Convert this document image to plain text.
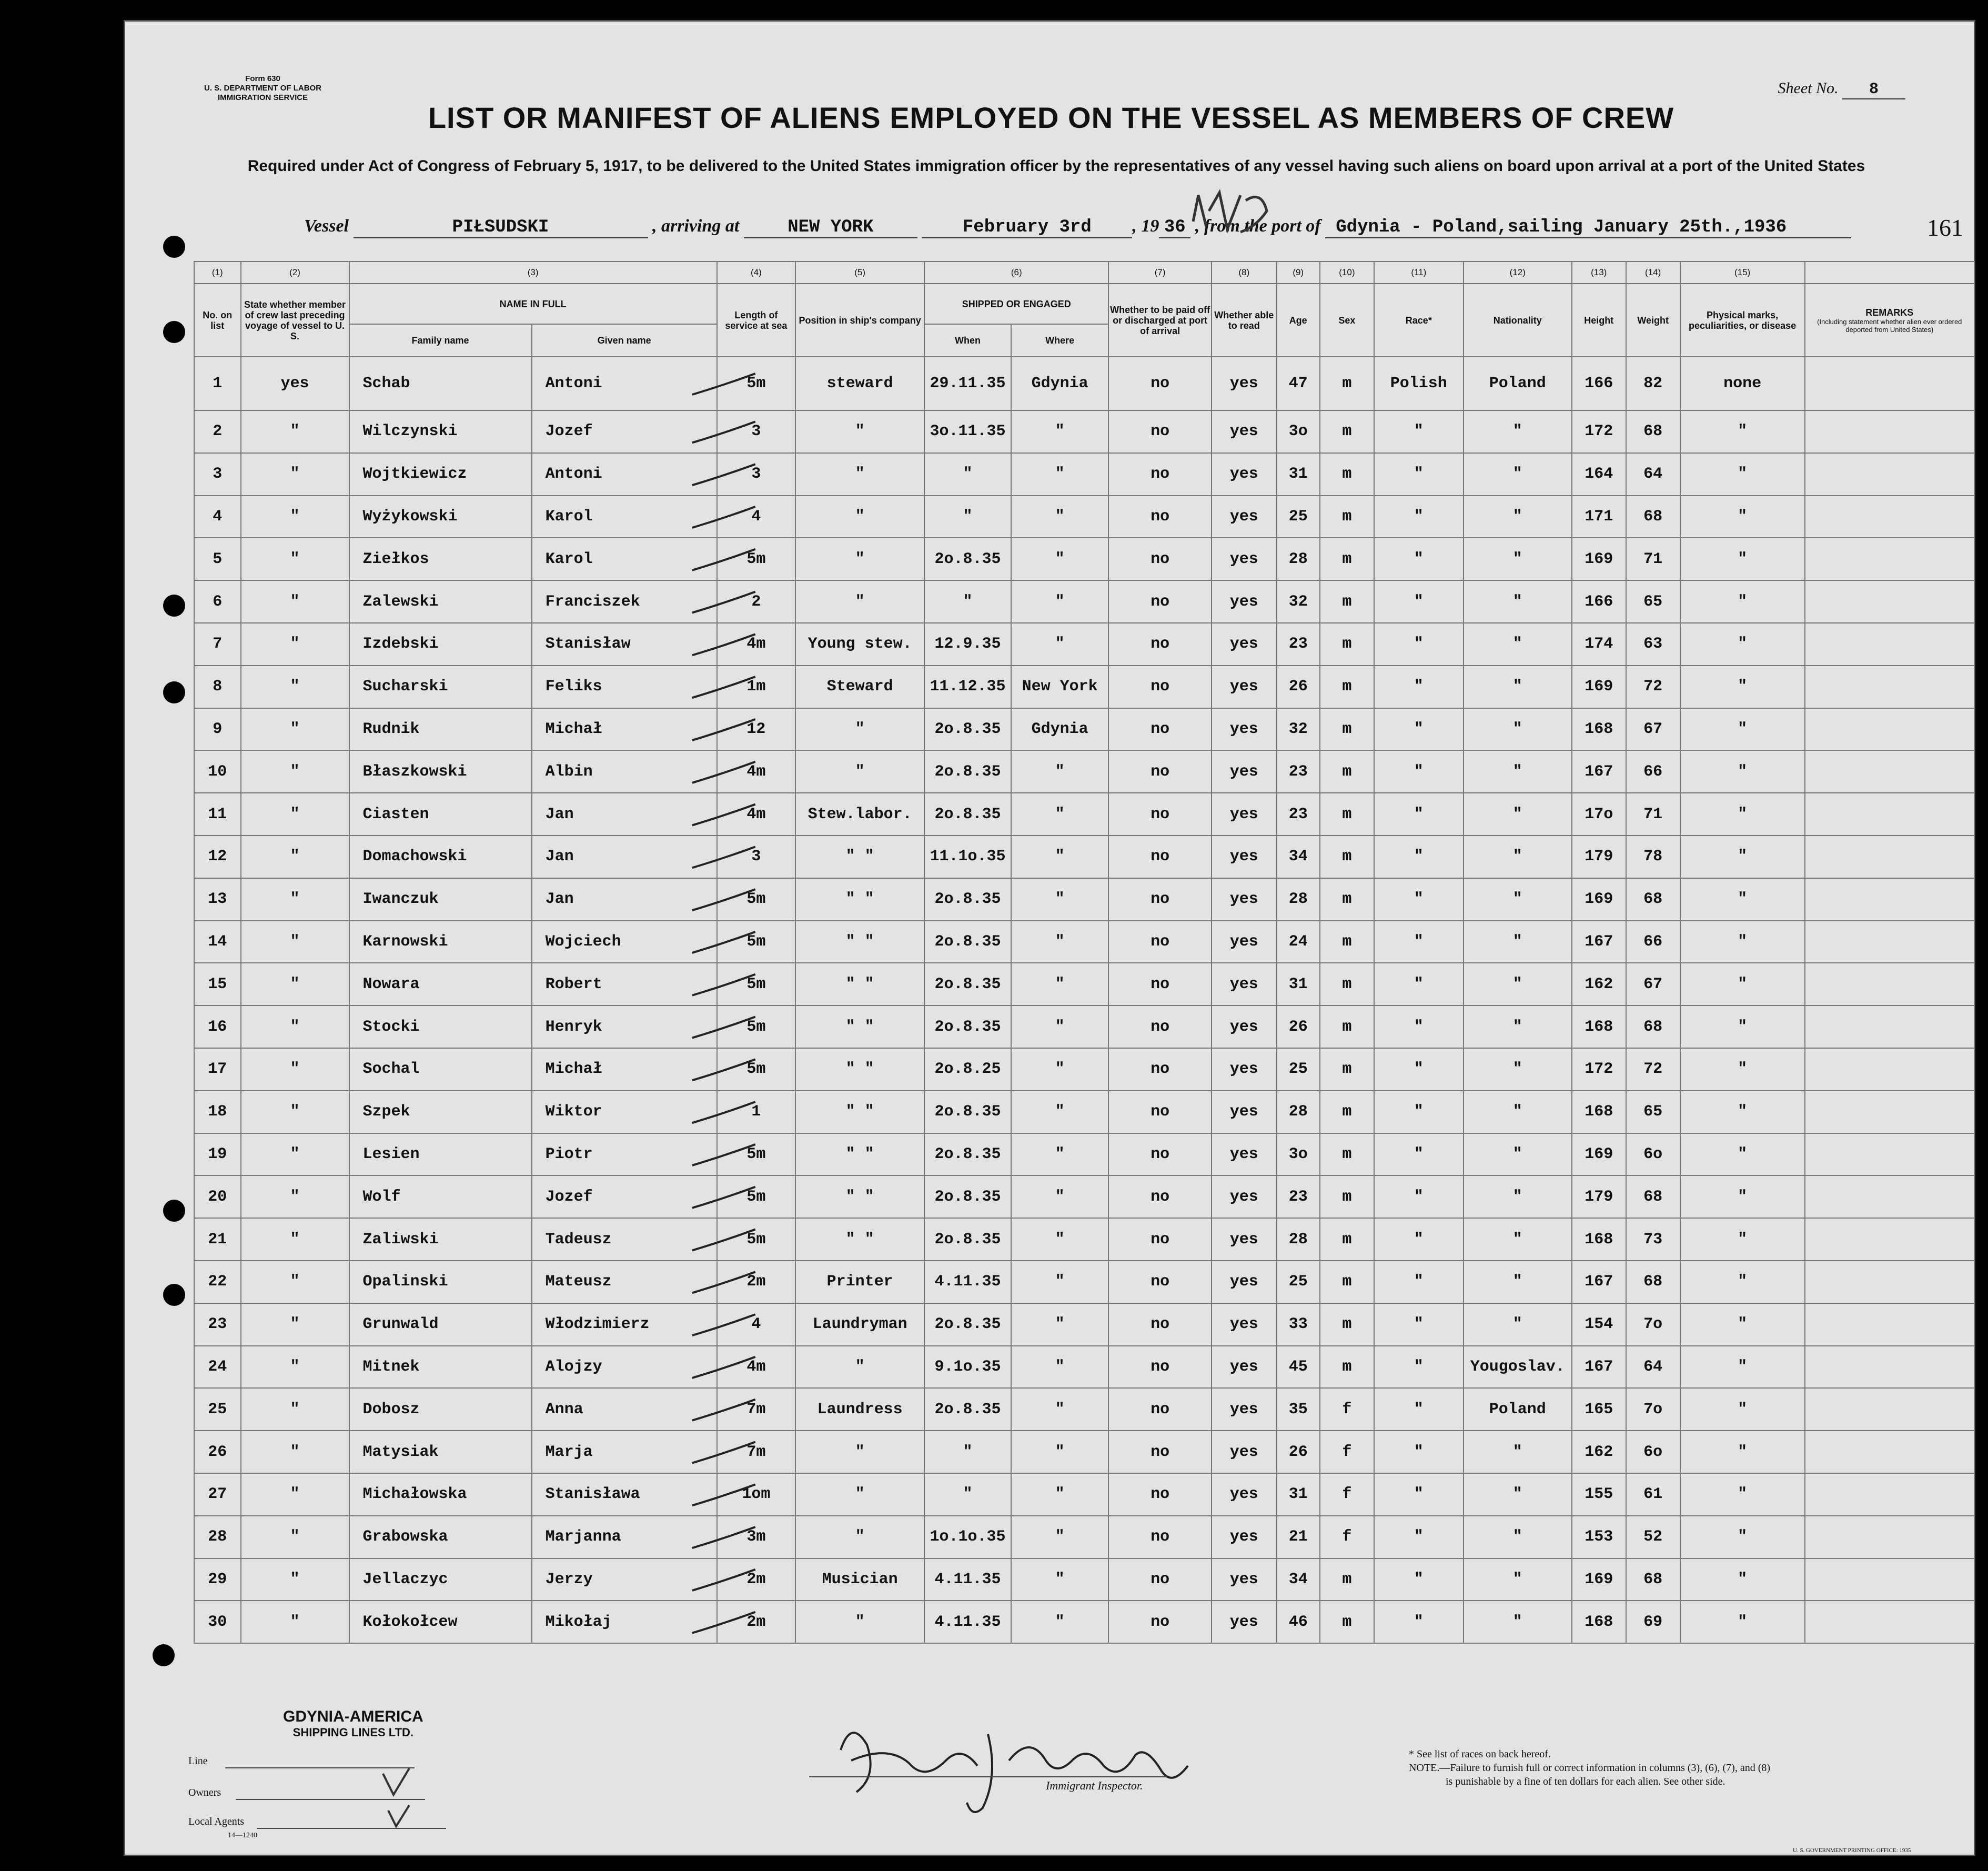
Form 630
U. S. DEPARTMENT OF LABOR
IMMIGRATION SERVICE
Sheet No. 8
LIST OR MANIFEST OF ALIENS EMPLOYED ON THE VESSEL AS MEMBERS OF CREW
Required under Act of Congress of February 5, 1917, to be delivered to the United States immigration officer by the representatives of any vessel having such aliens on board upon arrival at a port of the United States
Vessel	PIŁSUDSKI	, arriving at	NEW YORK	February 3rd , 19 36 , from the port of Gdynia - Poland,sailing January 25th.,1936	161
(1)	(2)	(3)		(4)	(5)	(6)		(7)	(8)	(9)	(10)	(11)	(12)	(13)	(14)	(15)	
No. on list	State whether member of crew last preceding voyage of vessel to U. S.	NAME IN FULL		Length of service at sea	Position in ship's company	SHIPPED OR ENGAGED		Whether to be paid off or discharged at port of arrival	Whether able to read	Age	Sex	Race*	Nationality	Height	Weight	Physical marks, peculiarities, or disease	REMARKS
(Including statement whether alien ever ordered deported from United States)

		Family name	Given name			When	Where										
1	yes	Schab	Antoni	5m	steward	29.11.35	Gdynia	no	yes	47	m	Polish	Poland	166	82	none	
2	"	Wilczynski	Jozef	3	"	3o.11.35	"	no	yes	3o	m	"	"	172	68	"	
3	"	Wojtkiewicz	Antoni	3	"	"	"	no	yes	31	m	"	"	164	64	"	
4	"	Wyżykowski	Karol	4	"	"	"	no	yes	25	m	"	"	171	68	"	
5	"	Ziełkos	Karol	5m	"	2o.8.35	"	no	yes	28	m	"	"	169	71	"	
6	"	Zalewski	Franciszek	2	"	"	"	no	yes	32	m	"	"	166	65	"	
7	"	Izdebski	Stanisław	4m	Young stew.	12.9.35	"	no	yes	23	m	"	"	174	63	"	
8	"	Sucharski	Feliks	1m	Steward	11.12.35	New York	no	yes	26	m	"	"	169	72	"	
9	"	Rudnik	Michał	12	"	2o.8.35	Gdynia	no	yes	32	m	"	"	168	67	"	
10	"	Błaszkowski	Albin	4m	"	2o.8.35	"	no	yes	23	m	"	"	167	66	"	
11	"	Ciasten	Jan	4m	Stew.labor.	2o.8.35	"	no	yes	23	m	"	"	17o	71	"	
12	"	Domachowski	Jan	3	" "	11.1o.35	"	no	yes	34	m	"	"	179	78	"	
13	"	Iwanczuk	Jan	5m	" "	2o.8.35	"	no	yes	28	m	"	"	169	68	"	
14	"	Karnowski	Wojciech	5m	" "	2o.8.35	"	no	yes	24	m	"	"	167	66	"	
15	"	Nowara	Robert	5m	" "	2o.8.35	"	no	yes	31	m	"	"	162	67	"	
16	"	Stocki	Henryk	5m	" "	2o.8.35	"	no	yes	26	m	"	"	168	68	"	
17	"	Sochal	Michał	5m	" "	2o.8.25	"	no	yes	25	m	"	"	172	72	"	
18	"	Szpek	Wiktor	1	" "	2o.8.35	"	no	yes	28	m	"	"	168	65	"	
19	"	Lesien	Piotr	5m	" "	2o.8.35	"	no	yes	3o	m	"	"	169	6o	"	
20	"	Wolf	Jozef	5m	" "	2o.8.35	"	no	yes	23	m	"	"	179	68	"	
21	"	Zaliwski	Tadeusz	5m	" "	2o.8.35	"	no	yes	28	m	"	"	168	73	"	
22	"	Opalinski	Mateusz	2m	Printer	4.11.35	"	no	yes	25	m	"	"	167	68	"	
23	"	Grunwald	Włodzimierz	4	Laundryman	2o.8.35	"	no	yes	33	m	"	"	154	7o	"	
24	"	Mitnek	Alojzy	4m	"	9.1o.35	"	no	yes	45	m	"	Yougoslav.	167	64	"	
25	"	Dobosz	Anna	7m	Laundress	2o.8.35	"	no	yes	35	f	"	Poland	165	7o	"	
26	"	Matysiak	Marja	7m	"	"	"	no	yes	26	f	"	"	162	6o	"	
27	"	Michałowska	Stanisława	1om	"	"	"	no	yes	31	f	"	"	155	61	"	
28	"	Grabowska	Marjanna	3m	"	1o.1o.35	"	no	yes	21	f	"	"	153	52	"	
29	"	Jellaczyc	Jerzy	2m	Musician	4.11.35	"	no	yes	34	m	"	"	169	68	"	
30	"	Kołokołcew	Mikołaj	2m	"	4.11.35	"	no	yes	46	m	"	"	168	69	"	
GDYNIA-AMERICA
SHIPPING LINES LTD.
Line
Owners
Local Agents
14—1240
Immigrant Inspector.
* See list of races on back hereof.
NOTE.—Failure to furnish full or correct information in columns (3), (6), (7), and (8)
is punishable by a fine of ten dollars for each alien. See other side.
U. S. GOVERNMENT PRINTING OFFICE: 1935
